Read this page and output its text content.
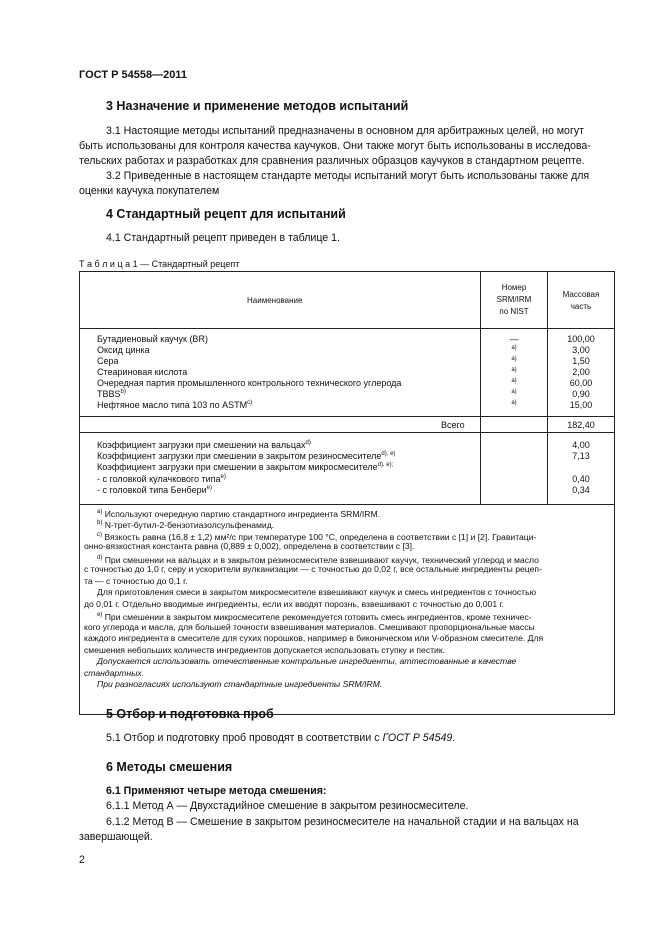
ГОСТ Р 54558—2011
3 Назначение и применение методов испытаний
3.1 Настоящие методы испытаний предназначены в основном для арбитражных целей, но могут
быть использованы для контроля качества каучуков. Они также могут быть использованы в исследова-
тельских работах и разработках для сравнения различных образцов каучуков в стандартном рецепте.
3.2 Приведенные в настоящем стандарте методы испытаний могут быть использованы также для
оценки каучука покупателем
4 Стандартный рецепт для испытаний
4.1 Стандартный рецепт приведен в таблице 1.
Т а б л и ц а 1 — Стандартный рецепт
Наименование
Номер
SRM/IRM
по NIST
Массовая
часть
Бутадиеновый каучук (BR)
Оксид цинка
Сера
Стеариновая кислота
Очередная партия промышленного контрольного технического углерода
TBBS$^{b)}$
Нефтяное масло типа 103 по ASTM$^{c)}$
—
а)
а)
а)
а)
а)
а)
100,00
3,00
1,50
2,00
60,00
0,90
15,00
Всего	182,40
Коэффициент загрузки при смешении на вальцах$^{d)}$
Коэффициент загрузки при смешении в закрытом резиносмесителе$^{d), e)}$
Коэффициент загрузки при смешении в закрытом микросмесителе$^{d), e);}$
- с головкой кулачкового типа$^{e)}$
- с головкой типа Бенбери$^{e)}$
4,00
7,13
0,40
0,34
$^{а)}$ Используют очередную партию стандартного ингредиента SRM/IRM.
$^{b)}$ N-трет-бутил-2-бензотиазолсульфенамид.
$^{c)}$ Вязкость равна (16,8 ± 1,2) мм²/с при температуре 100 °С, определена в соответствии с [1] и [2]. Гравитаци-
онно-вязкостная константа равна (0,889 ± 0,002), определена в соответствии с [3].
$^{d)}$ При смешении на вальцах и в закрытом резиносмесителе взвешивают каучук, технический углерод и масло
с точностью до 1,0 г, серу и ускорители вулканизации — с точностью до 0,02 г, все остальные ингредиенты рецеп-
та — с точностью до 0,1 г.
Для приготовления смеси в закрытом микросмесителе взвешивают каучук и смесь ингредиентов с точностью
до 0,01 г. Отдельно вводимые ингредиенты, если их вводят порознь, взвешивают с точностью до 0,001 г.
$^{e)}$ При смешении в закрытом микросмесителе рекомендуется готовить смесь ингредиентов, кроме техничес-
кого углерода и масла, для большей точности взвешивания материалов. Смешивают пропорциональные массы
каждого ингредиента в смесителе для сухих порошков, например в биконическом или V-образном смесителе. Для
смешения небольших количеств ингредиентов допускается использовать ступку и пестик.
Допускается использовать отечественные контрольные ингредиенты, аттестованные в качестве
стандартных.
При разногласиях используют стандартные ингредиенты SRM/IRM.
5 Отбор и подготовка проб
5.1 Отбор и подготовку проб проводят в соответствии с ГОСТ Р 54549.
6 Методы смешения
6.1 Применяют четыре метода смешения:
6.1.1 Метод А — Двухстадийное смешение в закрытом резиносмесителе.
6.1.2 Метод В — Смешение в закрытом резиносмесителе на начальной стадии и на вальцах на
завершающей.
2
